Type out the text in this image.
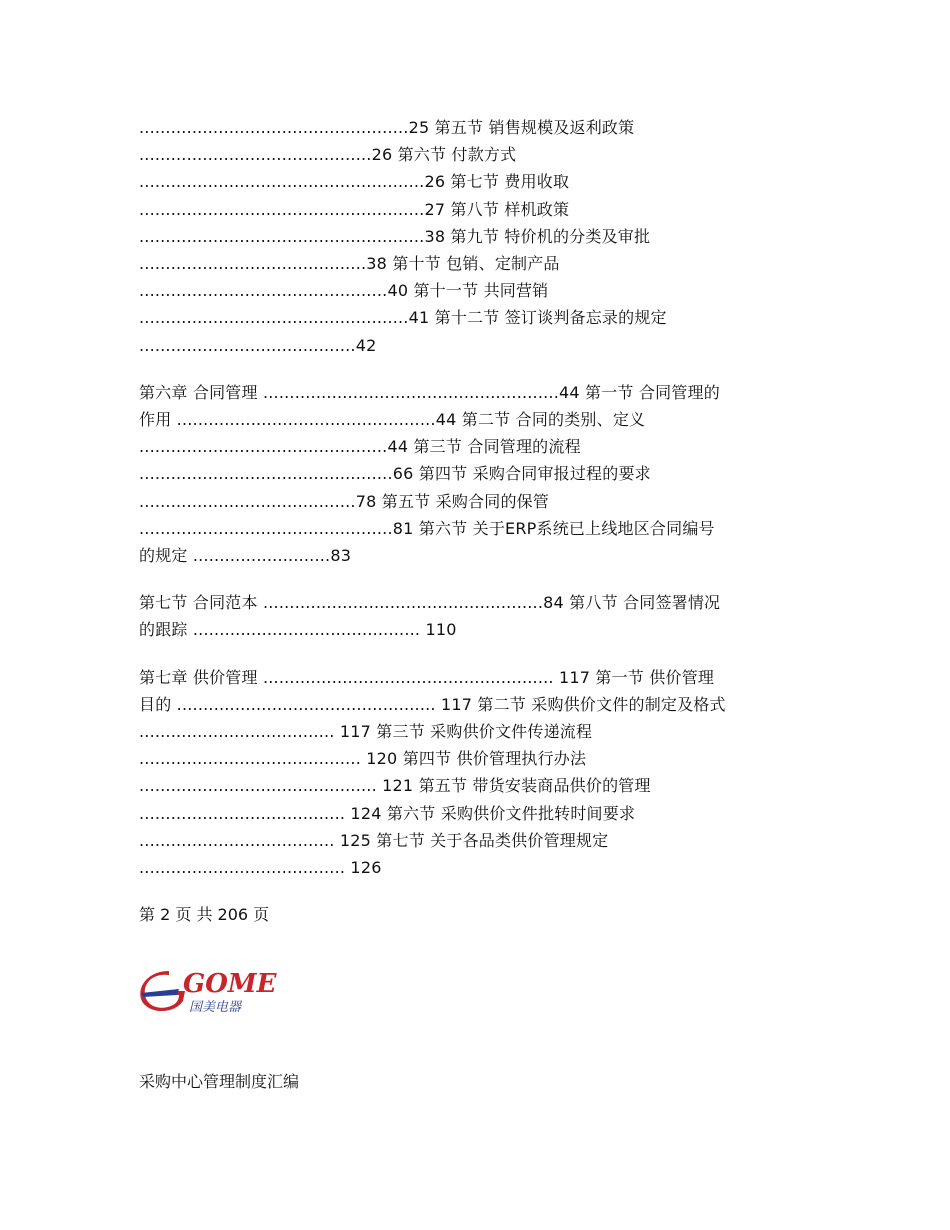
...................................................25 第五节 销售规模及返利政策
............................................26 第六节 付款方式
......................................................26 第七节 费用收取
......................................................27 第八节 样机政策
......................................................38 第九节 特价机的分类及审批
...........................................38 第十节 包销、定制产品
...............................................40 第十一节 共同营销
...................................................41 第十二节 签订谈判备忘录的规定
.........................................42
第六章 合同管理 ........................................................44 第一节 合同管理的
作用 .................................................44 第二节 合同的类别、定义
...............................................44 第三节 合同管理的流程
................................................66 第四节 采购合同审报过程的要求
.........................................78 第五节 采购合同的保管
................................................81 第六节 关于ERP系统已上线地区合同编号
的规定 ..........................83
第七节 合同范本 .....................................................84 第八节 合同签署情况
的跟踪 ........................................... 110
第七章 供价管理 ....................................................... 117 第一节 供价管理
目的 ................................................. 117 第二节 采购供价文件的制定及格式
..................................... 117 第三节 采购供价文件传递流程
.......................................... 120 第四节 供价管理执行办法
............................................. 121 第五节 带货安装商品供价的管理
....................................... 124 第六节 采购供价文件批转时间要求
..................................... 125 第七节 关于各品类供价管理规定
....................................... 126
第 2 页 共 206 页
GOME
国美电器
采购中心管理制度汇编
